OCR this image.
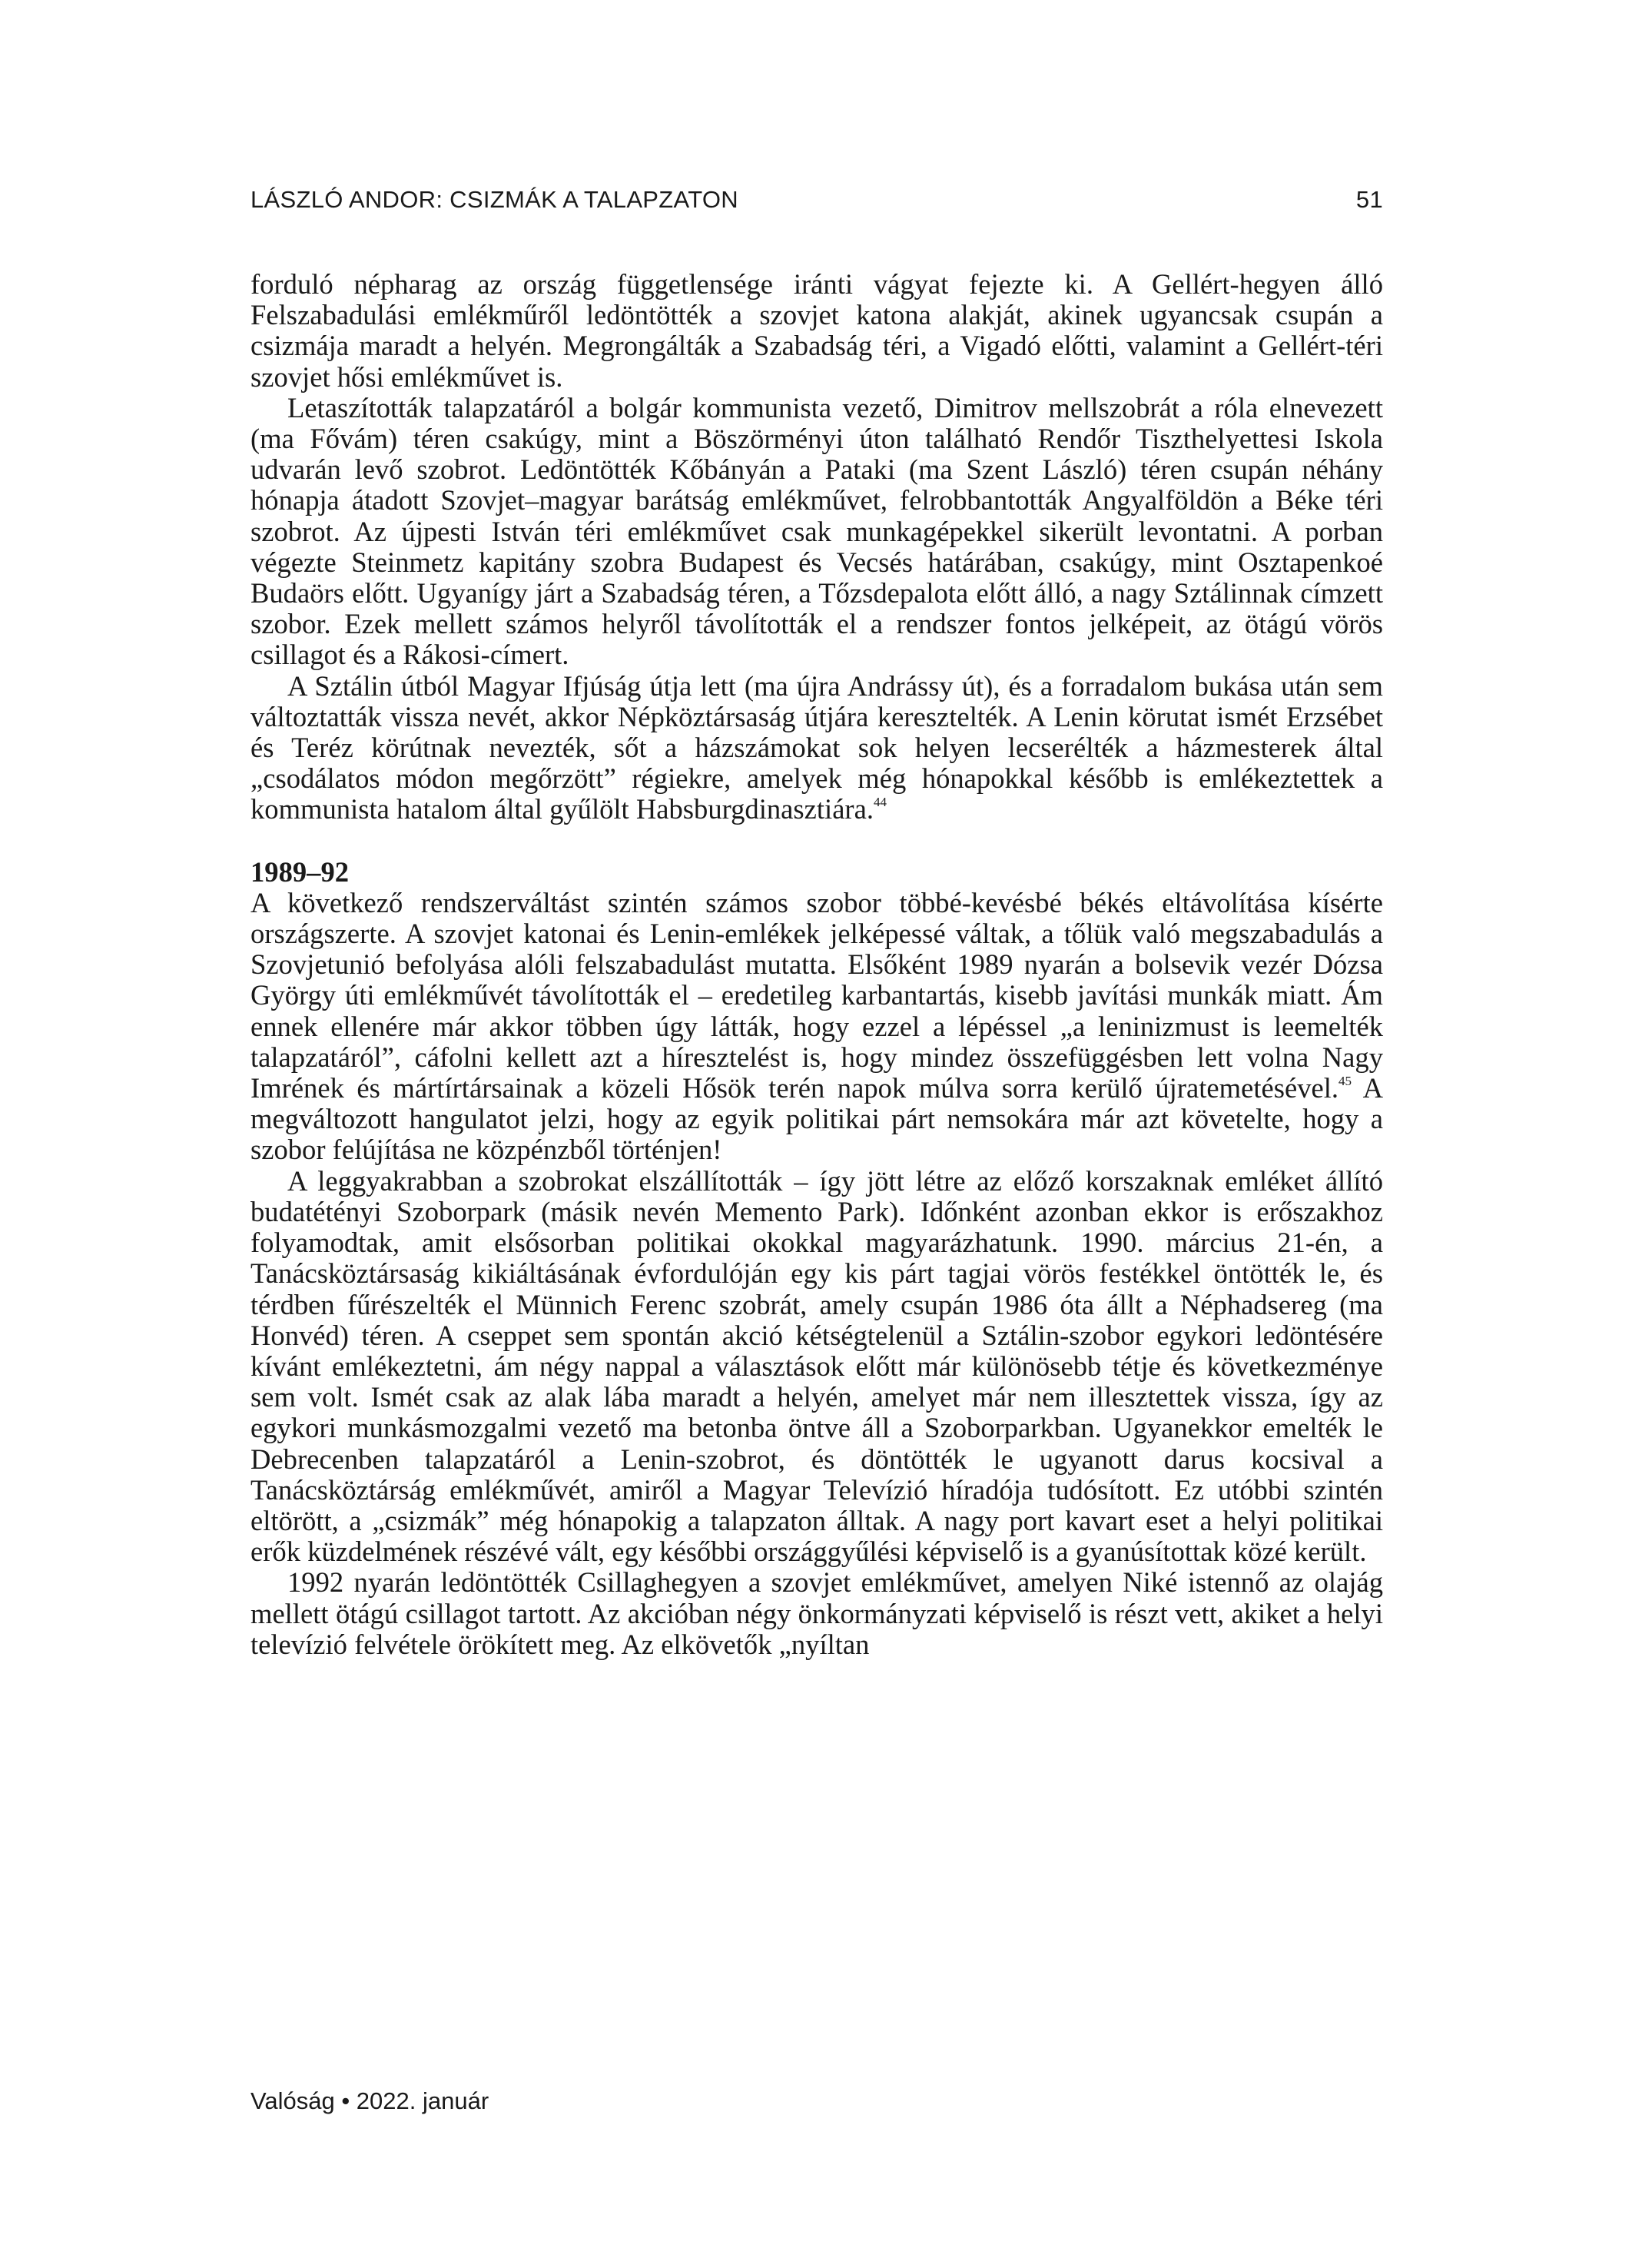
LÁSZLÓ ANDOR: CSIZMÁK A TALAPZATON	51

forduló népharag az ország függetlensége iránti vágyat fejezte ki. A Gellért-hegyen álló Felszabadulási emlékműről ledöntötték a szovjet katona alakját, akinek ugyancsak csupán a csizmája maradt a helyén. Megrongálták a Szabadság téri, a Vigadó előtti, valamint a Gellért-téri szovjet hősi emlékművet is.

Letaszították talapzatáról a bolgár kommunista vezető, Dimitrov mellszobrát a róla elnevezett (ma Fővám) téren csakúgy, mint a Böszörményi úton található Rendőr Tiszthelyettesi Iskola udvarán levő szobrot. Ledöntötték Kőbányán a Pataki (ma Szent László) téren csupán néhány hónapja átadott Szovjet–magyar barátság emlékművet, felrobbantották Angyalföldön a Béke téri szobrot. Az újpesti István téri emlékművet csak munkagépekkel sikerült levontatni. A porban végezte Steinmetz kapitány szobra Budapest és Vecsés határában, csakúgy, mint Osztapenkoé Budaörs előtt. Ugyanígy járt a Szabadság téren, a Tőzsdepalota előtt álló, a nagy Sztálinnak címzett szobor. Ezek mellett számos helyről távolították el a rendszer fontos jelképeit, az ötágú vörös csillagot és a Rákosi-címert.

A Sztálin útból Magyar Ifjúság útja lett (ma újra Andrássy út), és a forradalom bukása után sem változtatták vissza nevét, akkor Népköztársaság útjára keresztelték. A Lenin körutat ismét Erzsébet és Teréz körútnak nevezték, sőt a házszámokat sok helyen lecserélték a házmesterek által „csodálatos módon megőrzött” régiekre, amelyek még hónapokkal később is emlékeztettek a kommunista hatalom által gyűlölt Habsburgdinasztiára.$^{44}$

1989–92

A következő rendszerváltást szintén számos szobor többé-kevésbé békés eltávolítása kísérte országszerte. A szovjet katonai és Lenin-emlékek jelképessé váltak, a tőlük való megszabadulás a Szovjetunió befolyása alóli felszabadulást mutatta. Elsőként 1989 nyarán a bolsevik vezér Dózsa György úti emlékművét távolították el – eredetileg karbantartás, kisebb javítási munkák miatt. Ám ennek ellenére már akkor többen úgy látták, hogy ezzel a lépéssel „a leninizmust is leemelték talapzatáról”, cáfolni kellett azt a híresztelést is, hogy mindez összefüggésben lett volna Nagy Imrének és mártírtársainak a közeli Hősök terén napok múlva sorra kerülő újratemetésével.$^{45}$ A megváltozott hangulatot jelzi, hogy az egyik politikai párt nemsokára már azt követelte, hogy a szobor felújítása ne közpénzből történjen!

A leggyakrabban a szobrokat elszállították – így jött létre az előző korszaknak emléket állító budatétényi Szoborpark (másik nevén Memento Park). Időnként azonban ekkor is erőszakhoz folyamodtak, amit elsősorban politikai okokkal magyarázhatunk. 1990. március 21-én, a Tanácsköztársaság kikiáltásának évfordulóján egy kis párt tagjai vörös festékkel öntötték le, és térdben fűrészelték el Münnich Ferenc szobrát, amely csupán 1986 óta állt a Néphadsereg (ma Honvéd) téren. A cseppet sem spontán akció kétségtelenül a Sztálin-szobor egykori ledöntésére kívánt emlékeztetni, ám négy nappal a választások előtt már különösebb tétje és következménye sem volt. Ismét csak az alak lába maradt a helyén, amelyet már nem illesztettek vissza, így az egykori munkásmozgalmi vezető ma betonba öntve áll a Szoborparkban. Ugyanekkor emelték le Debrecenben talapzatáról a Lenin-szobrot, és döntötték le ugyanott darus kocsival a Tanácsköztárság emlékművét, amiről a Magyar Televízió híradója tudósított. Ez utóbbi szintén eltörött, a „csizmák” még hónapokig a talapzaton álltak. A nagy port kavart eset a helyi politikai erők küzdelmének részévé vált, egy későbbi országgyűlési képviselő is a gyanúsítottak közé került.

1992 nyarán ledöntötték Csillaghegyen a szovjet emlékművet, amelyen Niké istennő az olajág mellett ötágú csillagot tartott. Az akcióban négy önkormányzati képviselő is részt vett, akiket a helyi televízió felvétele örökített meg. Az elkövetők „nyíltan

Valóság • 2022. január
